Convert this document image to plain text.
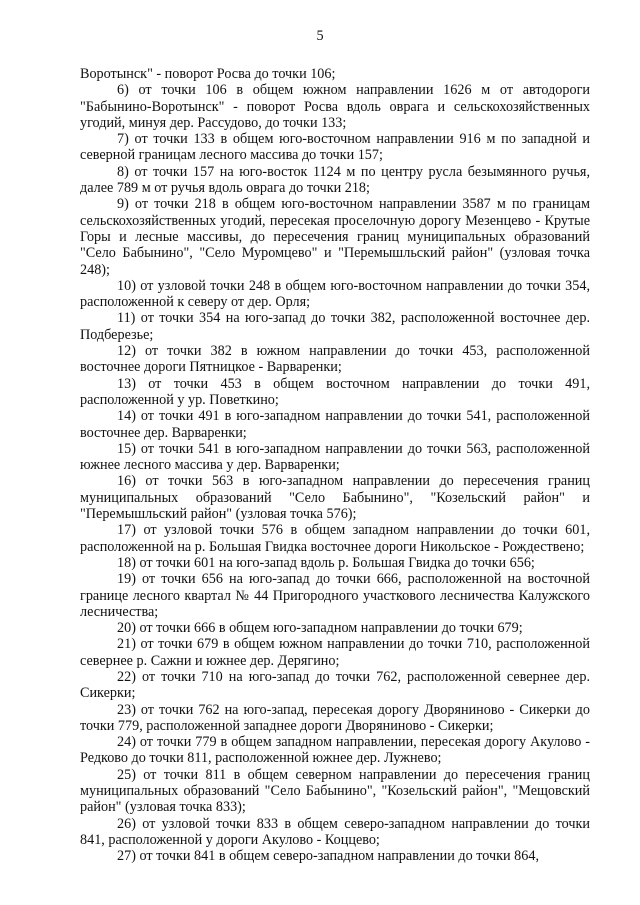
5

Воротынск" - поворот Росва до точки 106;

6) от точки 106 в общем южном направлении 1626 м от автодороги "Бабынино-Воротынск" - поворот Росва вдоль оврага и сельскохозяйственных угодий, минуя дер. Рассудово, до точки 133;

7) от точки 133 в общем юго-восточном направлении 916 м по западной и северной границам лесного массива до точки 157;

8) от точки 157 на юго-восток 1124 м по центру русла безымянного ручья, далее 789 м от ручья вдоль оврага до точки 218;

9) от точки 218 в общем юго-восточном направлении 3587 м по границам сельскохозяйственных угодий, пересекая проселочную дорогу Мезенцево - Крутые Горы и лесные массивы, до пересечения границ муниципальных образований "Село Бабынино", "Село Муромцево" и "Перемышльский район" (узловая точка 248);

10) от узловой точки 248 в общем юго-восточном направлении до точки 354, расположенной к северу от дер. Орля;

11) от точки 354 на юго-запад до точки 382, расположенной восточнее дер. Подберезье;

12) от точки 382 в южном направлении до точки 453, расположенной восточнее дороги Пятницкое - Варваренки;

13) от точки 453 в общем восточном направлении до точки 491, расположенной у ур. Поветкино;

14) от точки 491 в юго-западном направлении до точки 541, расположенной восточнее дер. Варваренки;

15) от точки 541 в юго-западном направлении до точки 563, расположенной южнее лесного массива у дер. Варваренки;

16) от точки 563 в юго-западном направлении до пересечения границ муниципальных образований "Село Бабынино", "Козельский район" и "Перемышльский район" (узловая точка 576);

17) от узловой точки 576 в общем западном направлении до точки 601, расположенной на р. Большая Гвидка восточнее дороги Никольское - Рождествено;

18) от точки 601 на юго-запад вдоль р. Большая Гвидка до точки 656;

19) от точки 656 на юго-запад до точки 666, расположенной на восточной границе лесного квартал № 44 Пригородного участкового лесничества Калужского лесничества;

20) от точки 666 в общем юго-западном направлении до точки 679;

21) от точки 679 в общем южном направлении до точки 710, расположенной севернее р. Сажни и южнее дер. Дерягино;

22) от точки 710 на юго-запад до точки 762, расположенной севернее дер. Сикерки;

23) от точки 762 на юго-запад, пересекая дорогу Дворяниново - Сикерки до точки 779, расположенной западнее дороги Дворяниново - Сикерки;

24) от точки 779 в общем западном направлении, пересекая дорогу Акулово - Редково до точки 811, расположенной южнее дер. Лужнево;

25) от точки 811 в общем северном направлении до пересечения границ муниципальных образований "Село Бабынино", "Козельский район", "Мещовский район" (узловая точка 833);

26) от узловой точки 833 в общем северо-западном направлении до точки 841, расположенной у дороги Акулово - Коццево;

27) от точки 841 в общем северо-западном направлении до точки 864,
